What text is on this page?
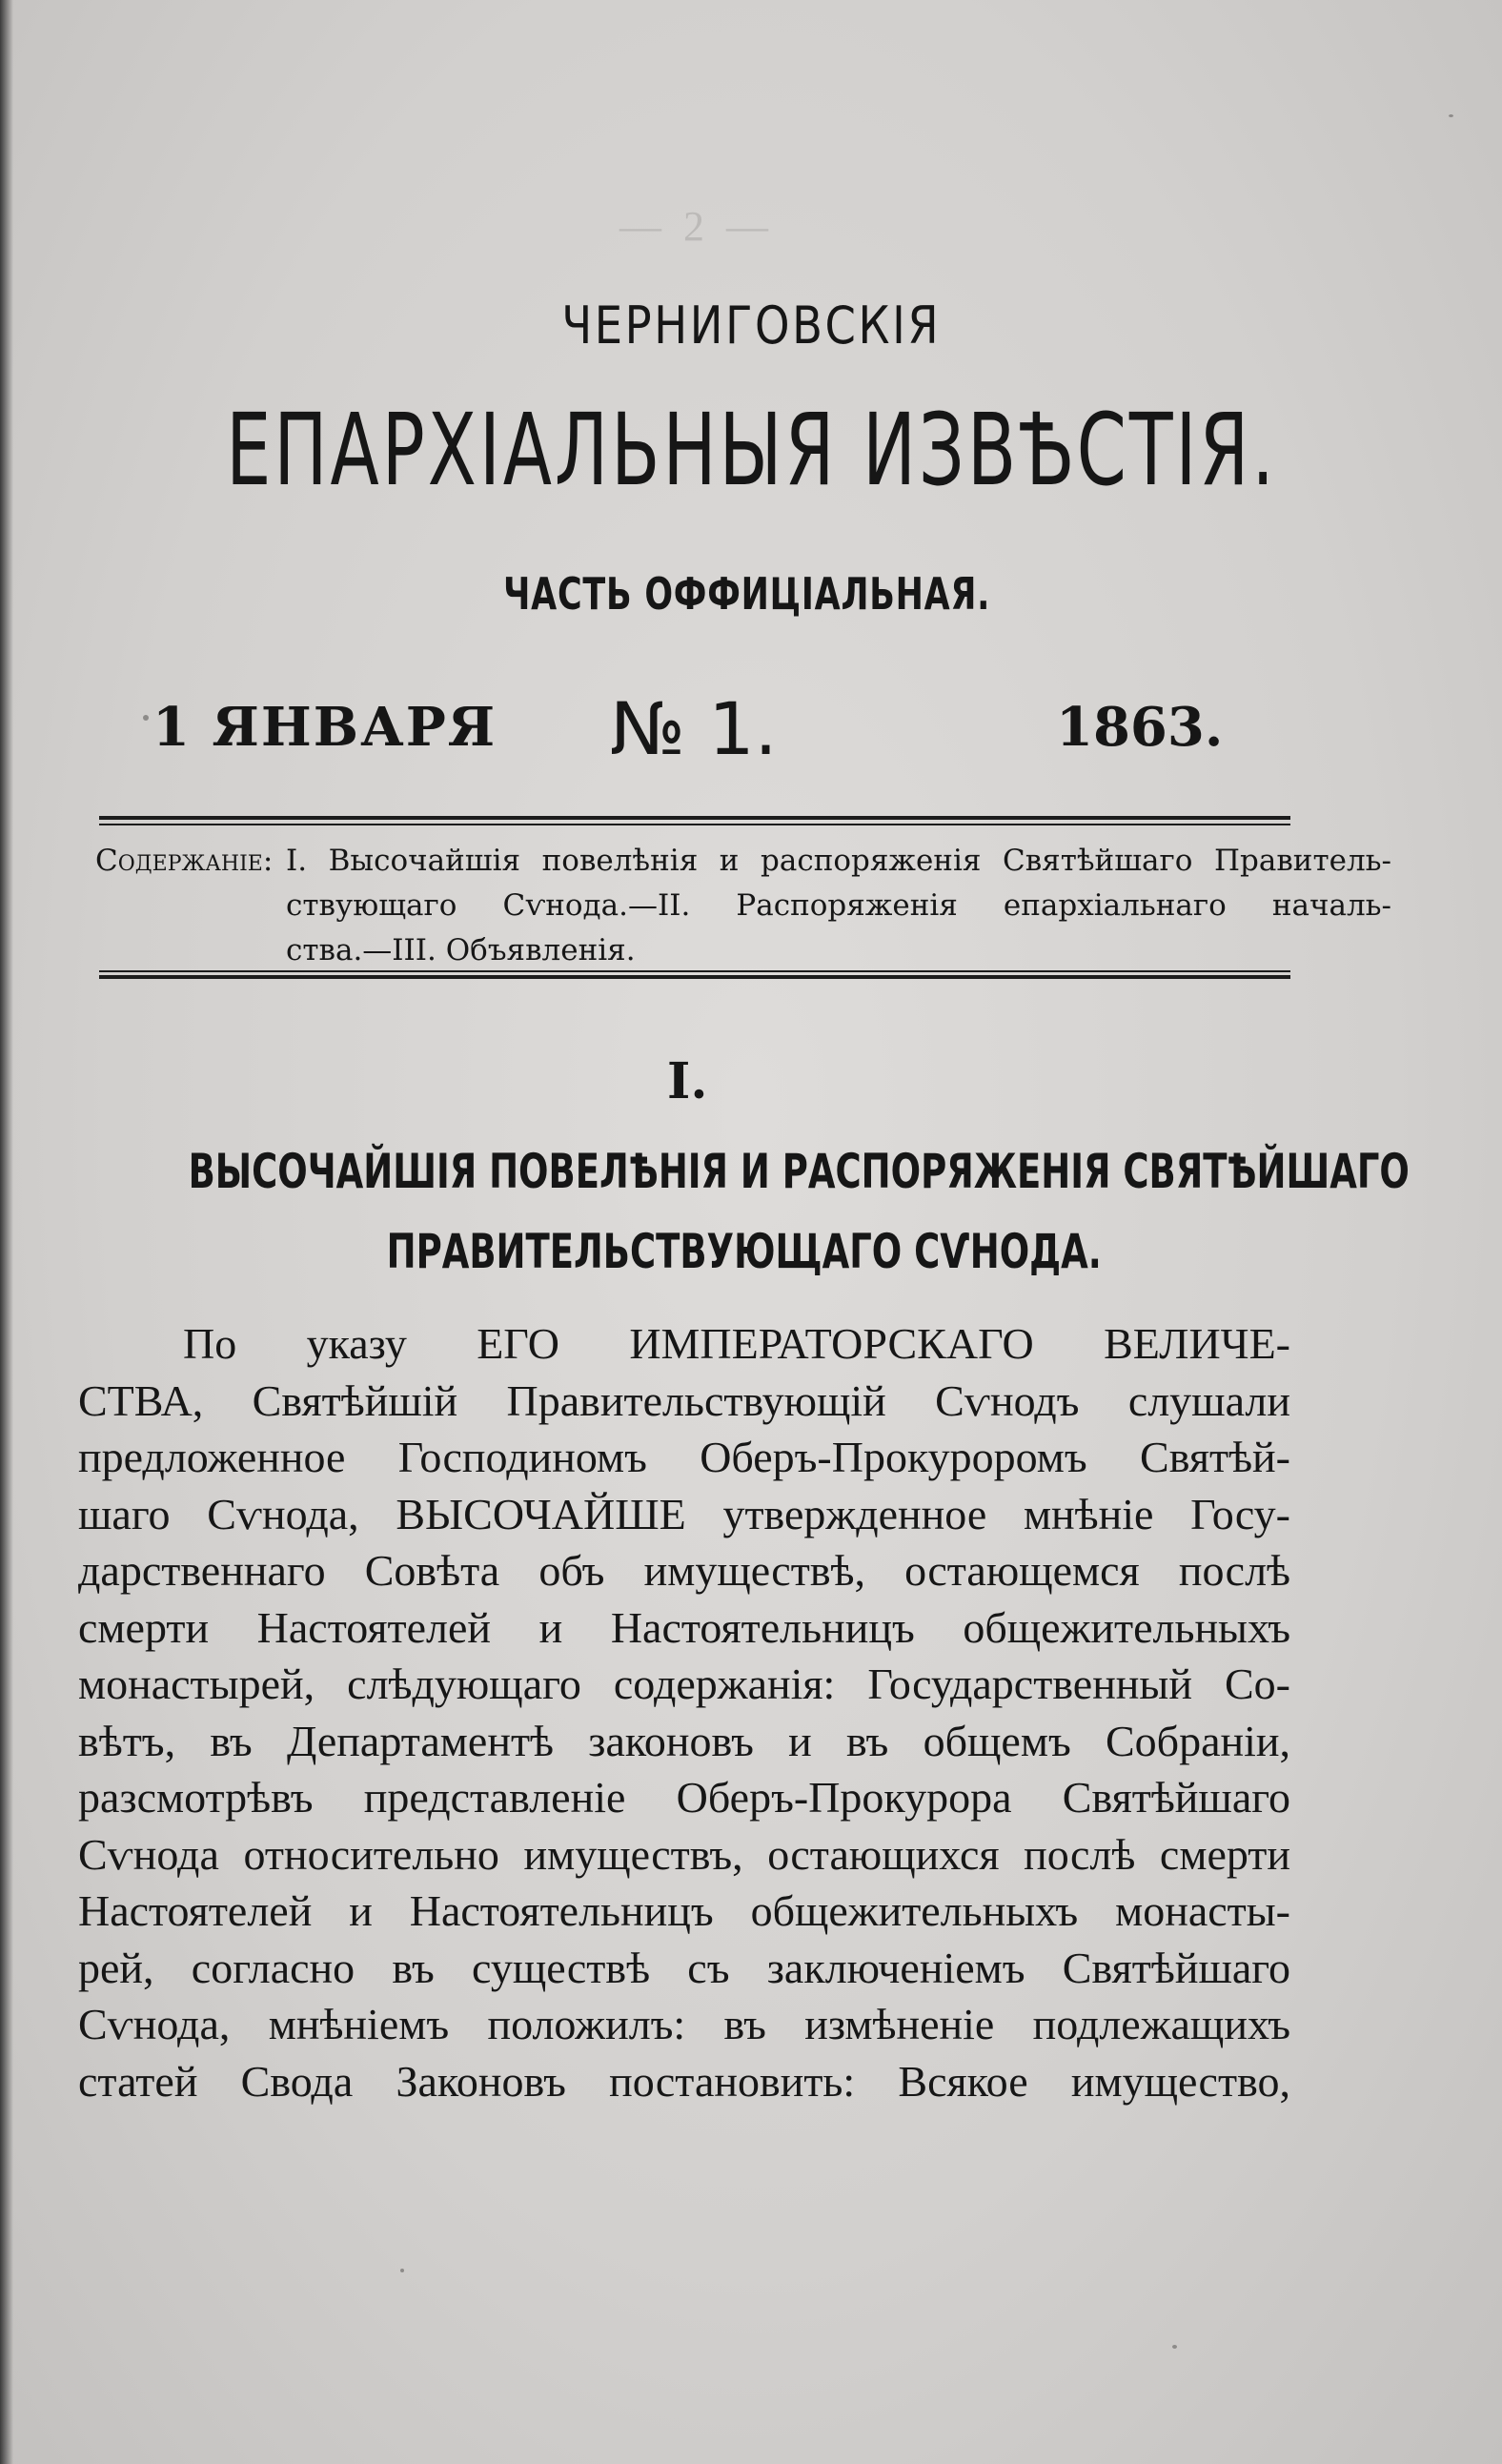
— 2 —
ЧЕРНИГОВСКІЯ
ЕПАРХІАЛЬНЫЯ ИЗВѢСТІЯ.
ЧАСТЬ ОФФИЦІАЛЬНАЯ.
1 ЯНВАРЯ № 1.	1863.
Содержаніе: I. Высочайшія повелѣнія и распоряженія Святѣйшаго Правитель-
ствующаго Сѵнода.—II. Распоряженія епархіальнаго началь-
ства.—III. Объявленія.
I.
ВЫСОЧАЙШІЯ ПОВЕЛѢНІЯ И РАСПОРЯЖЕНІЯ СВЯТѢЙШАГО
ПРАВИТЕЛЬСТВУЮЩАГО СѴНОДА.
По указу ЕГО ИМПЕРАТОРСКАГО ВЕЛИЧЕ-
СТВА, Святѣйшій Правительствующій Сѵнодъ слушали
предложенное Господиномъ Оберъ-Прокуроромъ Святѣй-
шаго Сѵнода, ВЫСОЧАЙШЕ утвержденное мнѣніе Госу-
дарственнаго Совѣта объ имуществѣ, остающемся послѣ
смерти Настоятелей и Настоятельницъ общежительныхъ
монастырей, слѣдующаго содержанія: Государственный Со-
вѣтъ, въ Департаментѣ законовъ и въ общемъ Собраніи,
разсмотрѣвъ представленіе Оберъ-Прокурора Святѣйшаго
Сѵнода относительно имуществъ, остающихся послѣ смерти
Настоятелей и Настоятельницъ общежительныхъ монасты-
рей, согласно въ существѣ съ заключеніемъ Святѣйшаго
Сѵнода, мнѣніемъ положилъ: въ измѣненіе подлежащихъ
статей Свода Законовъ постановить: Всякое имущество,
